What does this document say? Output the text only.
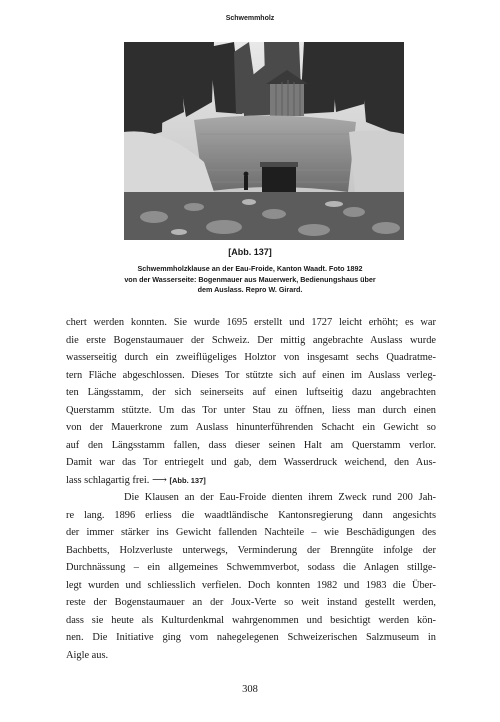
Schwemmholz
[Abb. 137]
Schwemmholzklause an der Eau-Froide, Kanton Waadt. Foto 1892
von der Wasserseite: Bogenmauer aus Mauerwerk, Bedienungshaus über
dem Auslass. Repro W. Girard.
chert werden konnten. Sie wurde 1695 erstellt und 1727 leicht erhöht; es war
die erste Bogenstaumauer der Schweiz. Der mittig angebrachte Auslass wurde
wasserseitig durch ein zweiflügeliges Holztor von insgesamt sechs Quadratme-
tern Fläche abgeschlossen. Dieses Tor stützte sich auf einen im Auslass verleg-
ten Längsstamm, der sich seinerseits auf einen luftseitig dazu angebrachten
Querstamm stützte. Um das Tor unter Stau zu öffnen, liess man durch einen
von der Mauerkrone zum Auslass hinunterführenden Schacht ein Gewicht so
auf den Längsstamm fallen, dass dieser seinen Halt am Querstamm verlor.
Damit war das Tor entriegelt und gab, dem Wasserdruck weichend, den Aus-
lass schlagartig frei. ⟶ [Abb. 137]
Die Klausen an der Eau-Froide dienten ihrem Zweck rund 200 Jah-
re lang. 1896 erliess die waadtländische Kantonsregierung dann angesichts
der immer stärker ins Gewicht fallenden Nachteile – wie Beschädigungen des
Bachbetts, Holzverluste unterwegs, Verminderung der Brenngüte infolge der
Durchnässung – ein allgemeines Schwemmverbot, sodass die Anlagen stillge-
legt wurden und schliesslich verfielen. Doch konnten 1982 und 1983 die Über-
reste der Bogenstaumauer an der Joux-Verte so weit instand gestellt werden,
dass sie heute als Kulturdenkmal wahrgenommen und besichtigt werden kön-
nen. Die Initiative ging vom nahegelegenen Schweizerischen Salzmuseum in
Aigle aus.
308
